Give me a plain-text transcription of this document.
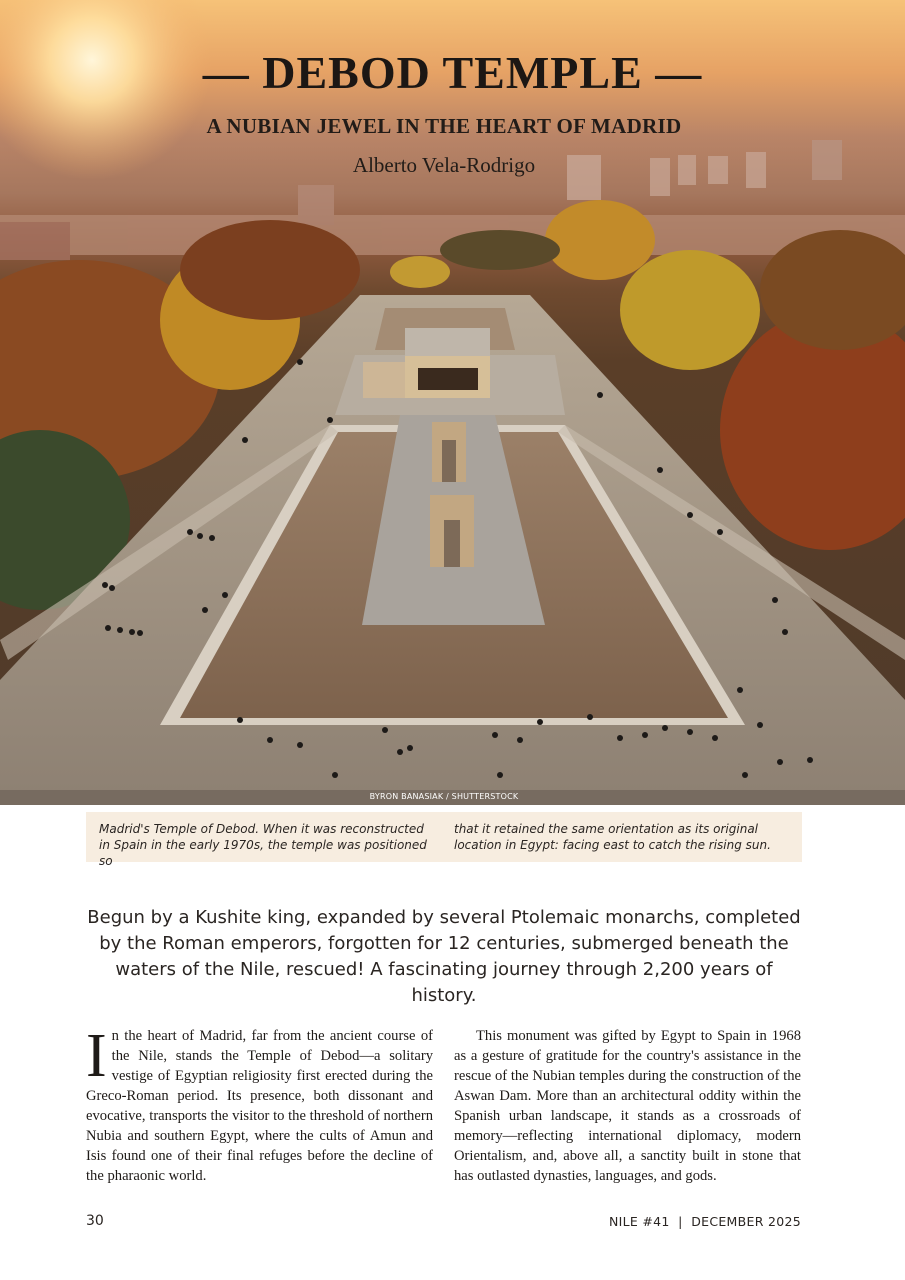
— DEBOD TEMPLE —
A NUBIAN JEWEL IN THE HEART OF MADRID

Alberto Vela-Rodrigo

BYRON BANASIAK / SHUTTERSTOCK

Madrid's Temple of Debod. When it was reconstructed in Spain in the early 1970s, the temple was positioned so

that it retained the same orientation as its original location in Egypt: facing east to catch the rising sun.

Begun by a Kushite king, expanded by several Ptolemaic monarchs, completed by the Roman emperors, forgotten for 12 centuries, submerged beneath the waters of the Nile, rescued! A fascinating journey through 2,200 years of history.

In the heart of Madrid, far from the ancient course of the Nile, stands the Temple of Debod—a solitary vestige of Egyptian religiosity first erected during the Greco-Roman period. Its presence, both dissonant and evocative, transports the visitor to the threshold of northern Nubia and southern Egypt, where the cults of Amun and Isis found one of their final refuges before the decline of the pharaonic world.

This monument was gifted by Egypt to Spain in 1968 as a gesture of gratitude for the country's assistance in the rescue of the Nubian temples during the construction of the Aswan Dam. More than an architectural oddity within the Spanish urban landscape, it stands as a crossroads of memory—reflecting international diplomacy, modern Orientalism, and, above all, a sanctity built in stone that has outlasted dynasties, languages, and gods.

30	NILE #41  |  DECEMBER 2025
